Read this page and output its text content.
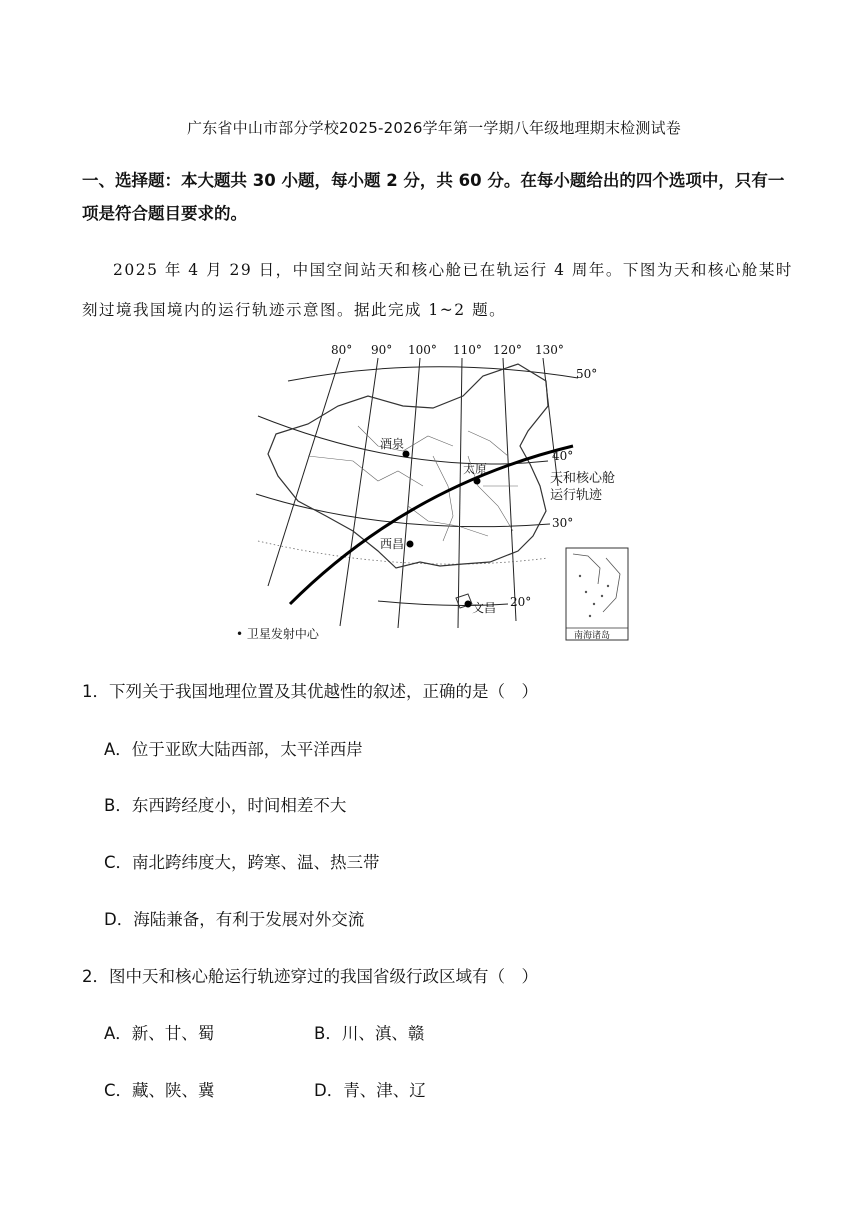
广东省中山市部分学校2025-2026学年第一学期八年级地理期末检测试卷

一、选择题：本大题共 30 小题，每小题 2 分，共 60 分。在每小题给出的四个选项中，只有一项是符合题目要求的。

2025 年 4 月 29 日，中国空间站天和核心舱已在轨运行 4 周年。下图为天和核心舱某时刻过境我国境内的运行轨迹示意图。据此完成 1~2 题。

80° 90° 100° 110° 120° 130°
50°
40°
30°
20°
酒泉
太原
西昌
文昌
天和核心舱
运行轨迹
南海诸岛
• 卫星发射中心

1．下列关于我国地理位置及其优越性的叙述，正确的是（　）

A．位于亚欧大陆西部，太平洋西岸

B．东西跨经度小，时间相差不大

C．南北跨纬度大，跨寒、温、热三带

D．海陆兼备，有利于发展对外交流

2．图中天和核心舱运行轨迹穿过的我国省级行政区域有（　）

A．新、甘、蜀	B．川、滇、赣

C．藏、陕、冀	D．青、津、辽
